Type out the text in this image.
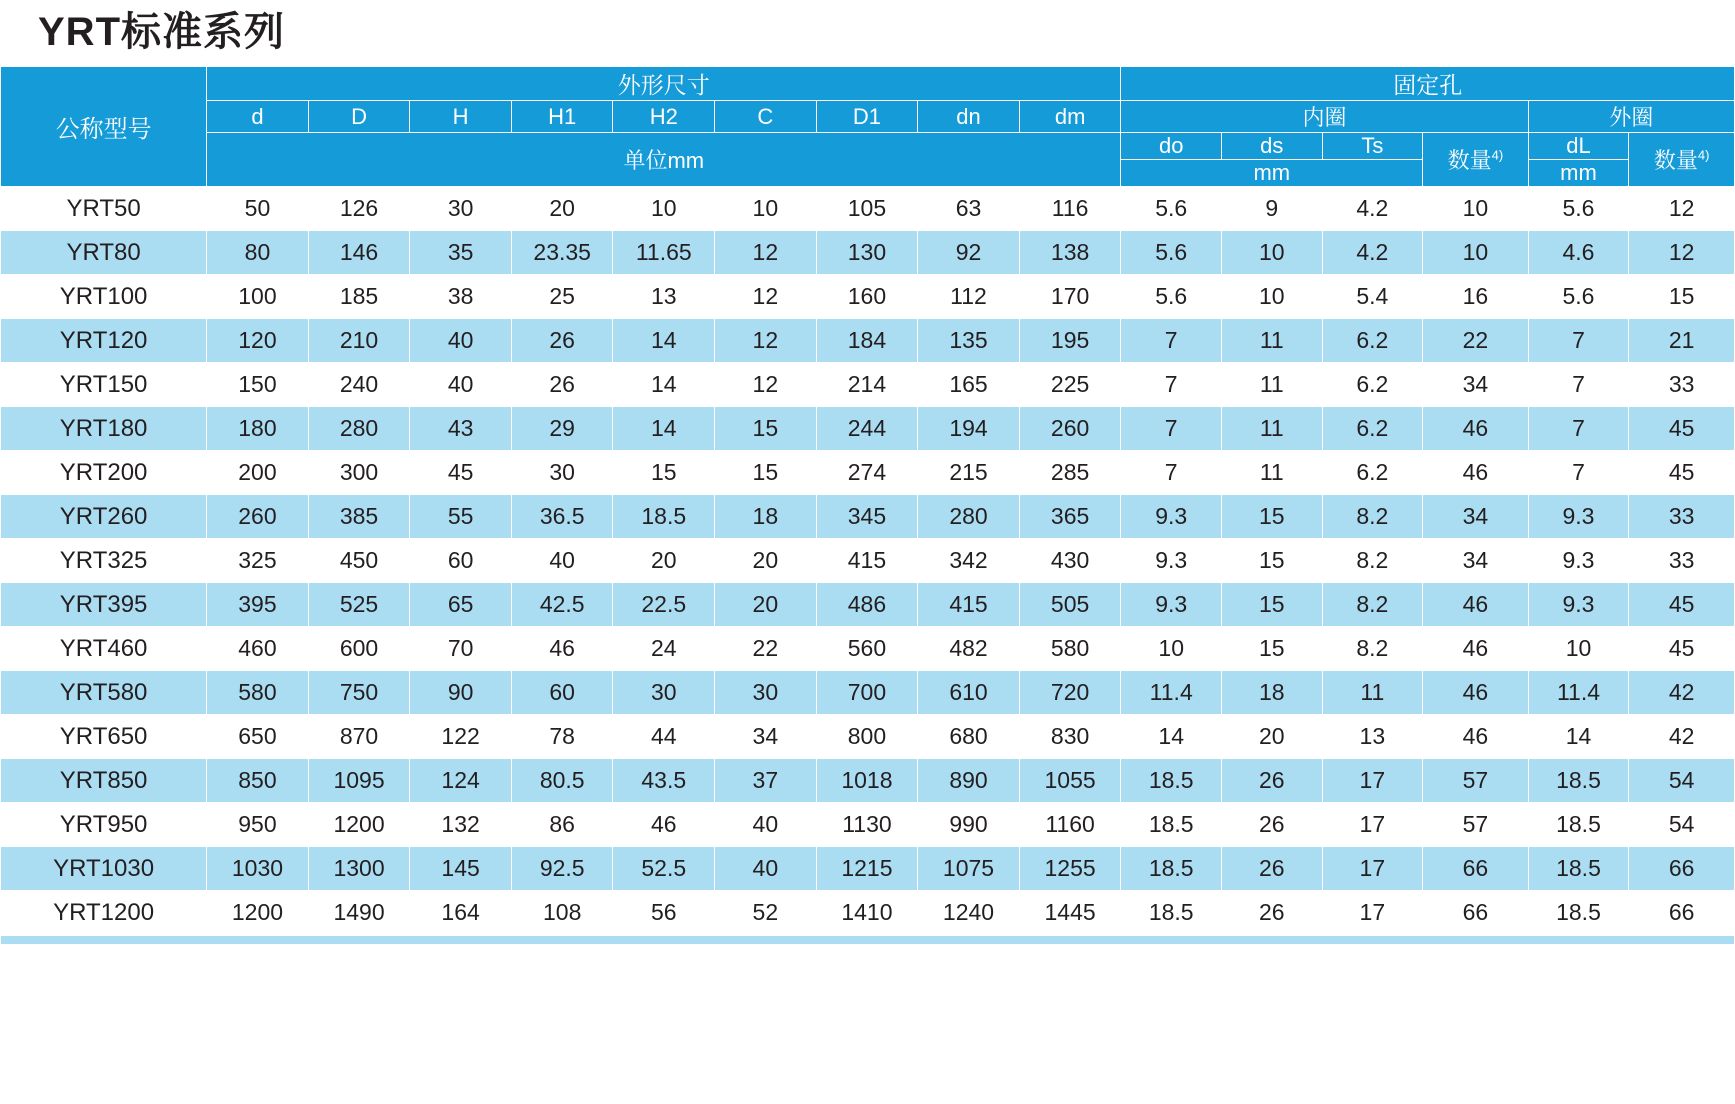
YRT标准系列
公称型号	外形尺寸									固定孔					
	d	D	H	H1	H2	C	D1	dn	dm	内圈				外圈	
	单位mm									do	ds	Ts	数量$^{4)}$	dL	数量$^{4)}$
										mm				mm	
YRT50	50	126	30	20	10	10	105	63	116	5.6	9	4.2	10	5.6	12
YRT80	80	146	35	23.35	11.65	12	130	92	138	5.6	10	4.2	10	4.6	12
YRT100	100	185	38	25	13	12	160	112	170	5.6	10	5.4	16	5.6	15
YRT120	120	210	40	26	14	12	184	135	195	7	11	6.2	22	7	21
YRT150	150	240	40	26	14	12	214	165	225	7	11	6.2	34	7	33
YRT180	180	280	43	29	14	15	244	194	260	7	11	6.2	46	7	45
YRT200	200	300	45	30	15	15	274	215	285	7	11	6.2	46	7	45
YRT260	260	385	55	36.5	18.5	18	345	280	365	9.3	15	8.2	34	9.3	33
YRT325	325	450	60	40	20	20	415	342	430	9.3	15	8.2	34	9.3	33
YRT395	395	525	65	42.5	22.5	20	486	415	505	9.3	15	8.2	46	9.3	45
YRT460	460	600	70	46	24	22	560	482	580	10	15	8.2	46	10	45
YRT580	580	750	90	60	30	30	700	610	720	11.4	18	11	46	11.4	42
YRT650	650	870	122	78	44	34	800	680	830	14	20	13	46	14	42
YRT850	850	1095	124	80.5	43.5	37	1018	890	1055	18.5	26	17	57	18.5	54
YRT950	950	1200	132	86	46	40	1130	990	1160	18.5	26	17	57	18.5	54
YRT1030	1030	1300	145	92.5	52.5	40	1215	1075	1255	18.5	26	17	66	18.5	66
YRT1200	1200	1490	164	108	56	52	1410	1240	1445	18.5	26	17	66	18.5	66
